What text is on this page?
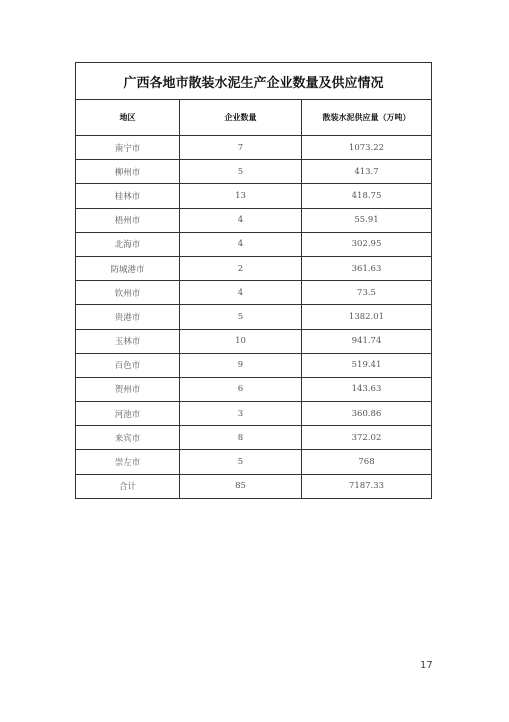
广西各地市散装水泥生产企业数量及供应情况		
地区	企业数量	散装水泥供应量（万吨）
南宁市	7	1073.22
柳州市	5	413.7
桂林市	13	418.75
梧州市	4	55.91
北海市	4	302.95
防城港市	2	361.63
钦州市	4	73.5
贵港市	5	1382.01
玉林市	10	941.74
百色市	9	519.41
贺州市	6	143.63
河池市	3	360.86
来宾市	8	372.02
崇左市	5	768
合计	85	7187.33
17
